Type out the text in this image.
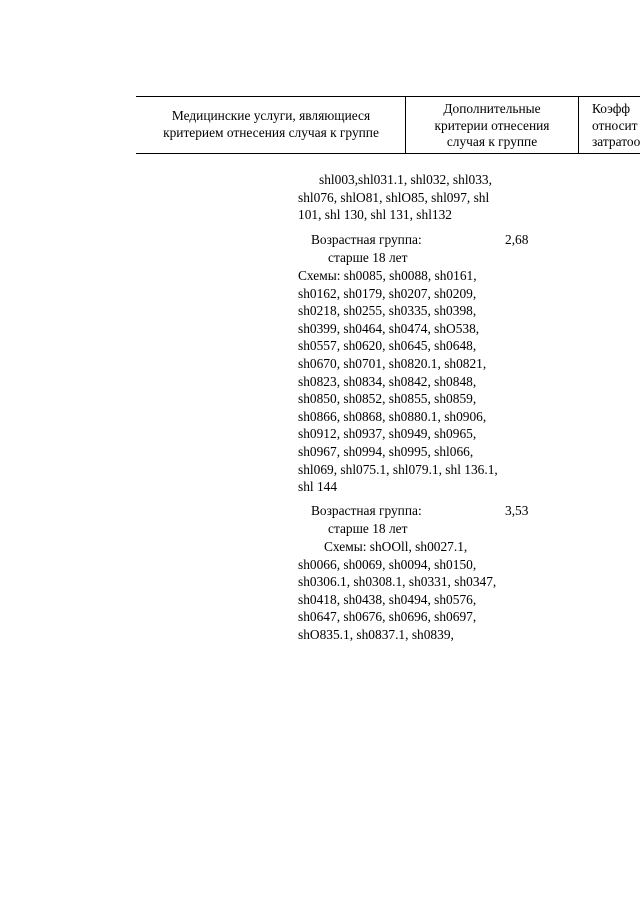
Медицинские услуги, являющиеся
критерием отнесения случая к группе
Дополнительные
критерии отнесения
случая к группе
Коэфф
относит
затратоо
shl003,shl031.1, shl032, shl033,
shl076, shlO81, shlO85, shl097, shl
101, shl 130, shl 131, shl132
Возрастная группа:	2,68
старше 18 лет
Схемы: sh0085, sh0088, sh0161,
sh0162, sh0179, sh0207, sh0209,
sh0218, sh0255, sh0335, sh0398,
sh0399, sh0464, sh0474, shO538,
sh0557, sh0620, sh0645, sh0648,
sh0670, sh0701, sh0820.1, sh0821,
sh0823, sh0834, sh0842, sh0848,
sh0850, sh0852, sh0855, sh0859,
sh0866, sh0868, sh0880.1, sh0906,
sh0912, sh0937, sh0949, sh0965,
sh0967, sh0994, sh0995, shl066,
shl069, shl075.1, shl079.1, shl 136.1,
shl 144
Возрастная группа:	3,53
старше 18 лет
Схемы: shOOll, sh0027.1,
sh0066, sh0069, sh0094, sh0150,
sh0306.1, sh0308.1, sh0331, sh0347,
sh0418, sh0438, sh0494, sh0576,
sh0647, sh0676, sh0696, sh0697,
shO835.1, sh0837.1, sh0839,
